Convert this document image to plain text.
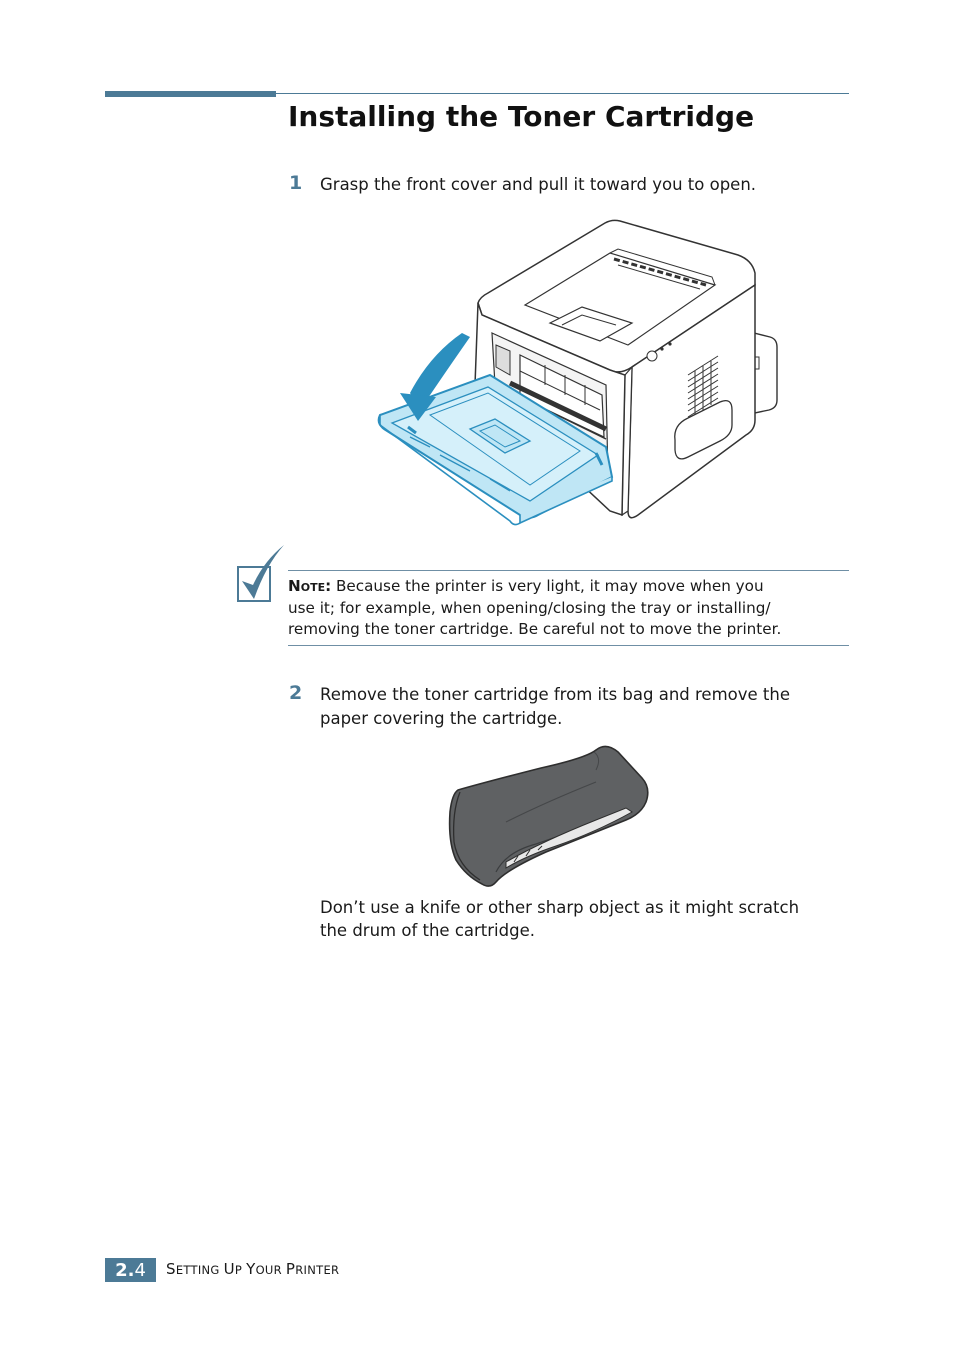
Installing the Toner Cartridge
1 Grasp the front cover and pull it toward you to open.
NOTE: Because the printer is very light, it may move when you
use it; for example, when opening/closing the tray or installing/
removing the toner cartridge. Be careful not to move the printer.
2 Remove the toner cartridge from its bag and remove the
paper covering the cartridge.
Don’t use a knife or other sharp object as it might scratch
the drum of the cartridge.
2. 4 SETTING UP YOUR PRINTER
